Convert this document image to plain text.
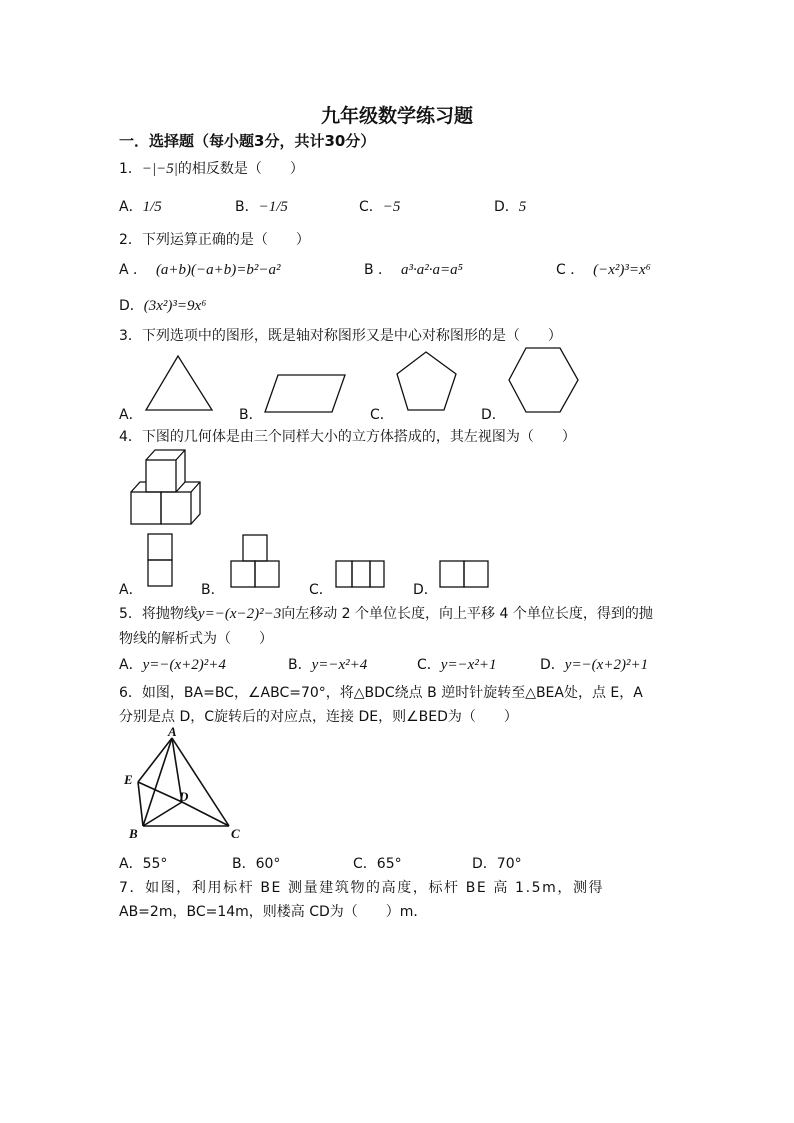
九年级数学练习题
一．选择题（每小题3分，共计30分）
1．−|−5|的相反数是（　　）
A．1/5	B．−1/5	C．−5	D．5
2．下列运算正确的是（　　）
A ． (a+b)(−a+b)=b²−a²	B ． a³·a²·a=a⁵	C ． (−x²)³=x⁶
D．(3x²)³=9x⁶
3．下列选项中的图形，既是轴对称图形又是中心对称图形的是（　　）
A．	B．	C．	D．
4．下图的几何体是由三个同样大小的立方体搭成的，其左视图为（　　）
A．	B．	C．	D．
5．将抛物线y=−(x−2)²−3向左移动 2 个单位长度，向上平移 4 个单位长度，得到的抛
物线的解析式为（　　）
A．y=−(x+2)²+4	B．y=−x²+4	C．y=−x²+1	D．y=−(x+2)²+1
6．如图，BA=BC，∠ABC=70°，将△BDC绕点 B 逆时针旋转至△BEA处，点 E，A
分别是点 D，C旋转后的对应点，连接 DE，则∠BED为（　　）
A
E
D
B	C
A．55°	B．60°	C．65°	D．70°
7．如图，利用标杆 BE 测量建筑物的高度，标杆 BE 高 1.5m，测得
AB=2m，BC=14m，则楼高 CD为（　　）m．
